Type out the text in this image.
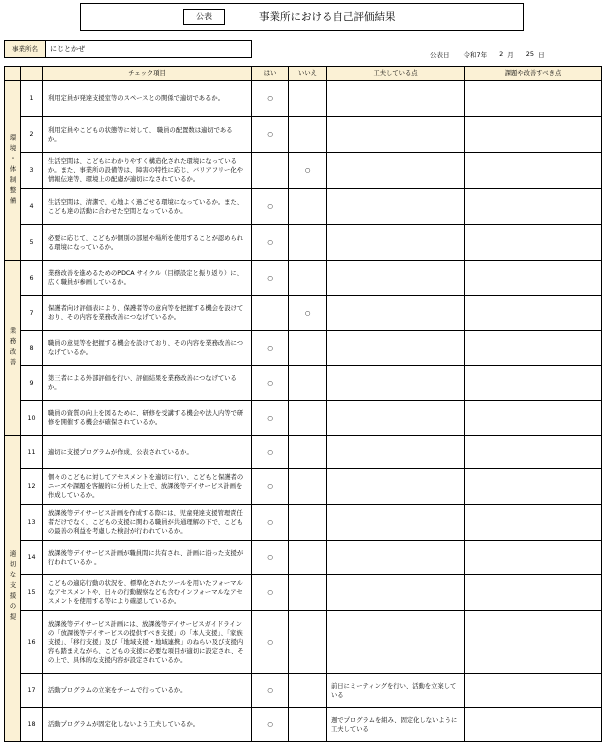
公表	事業所における自己評価結果
事業所名	にじとかぜ
公表日 令和7年 2 月 25 日
		チェック項目	はい	いいえ	工夫している点	課題や改善すべき点

環境・体制整備	1	利用定員が発達支援室等のスペースとの関係で適切であるか。	○			
	2	利用定員やこどもの状態等に対して、 職員の配置数は適切であるか。	○			
	3	生活空間は、こどもにわかりやすく構造化された環境になっているか。また、事業所の設備等は、障害の特性に応じ、バリアフリー化や情報伝達等、環境上の配慮が適切になされているか。		○		
	4	生活空間は、清潔で、心地よく過ごせる環境になっているか。また、こども達の活動に合わせた空間となっているか。	○			
	5	必要に応じて、こどもが個別の部屋や場所を使用することが認められる環境になっているか。	○			

業務改善	6	業務改善を進めるためのPDCA サイクル（目標設定と振り返り）に、広く職員が参画しているか。	○			
	7	保護者向け評価表により、保護者等の意向等を把握する機会を設けており、その内容を業務改善につなげているか。		○		
	8	職員の意見等を把握する機会を設けており、その内容を業務改善につなげているか。	○			
	9	第三者による外部評価を行い、評価結果を業務改善につなげているか。	○			
	10	職員の資質の向上を図るために、研修を受講する機会や法人内等で研修を開催する機会が確保されているか。	○			

適切な支援の提	11	適切に支援プログラムが作成、公表されているか。	○			
	12	個々のこどもに対してアセスメントを適切に行い、こどもと保護者のニーズや課題を客観的に分析した上で、放課後等デイサービス計画を作成しているか。	○			
	13	放課後等デイサービス計画を作成する際には、児童発達支援管理責任者だけでなく、こどもの支援に関わる職員が共通理解の下で、こどもの最善の利益を考慮した検討が行われているか。	○			
	14	放課後等デイサービス計画が職員間に共有され、計画に沿った支援が行われているか 。	○			
	15	こどもの適応行動の状況を、標準化されたツールを用いたフォーマルなアセスメントや、日々の行動観察なども含むインフォーマルなアセスメントを使用する等により確認しているか。	○			
	16	放課後等デイサービス計画には、放課後等デイサービスガイドラインの「放課後等デイサービスの提供すべき支援」の「本人支援」、「家族支援」、「移行支援」及び「地域支援・地域連携」のねらい及び支援内容も踏まえながら、こどもの支援に必要な項目が適切に設定され、その上で、具体的な支援内容が設定されているか。	○			
	17	活動プログラムの立案をチームで行っているか。	○		前日にミーティングを行い、活動を立案している	
	18	活動プログラムが固定化しないよう工夫しているか。	○		週でプログラムを組み、固定化しないように工夫している	
